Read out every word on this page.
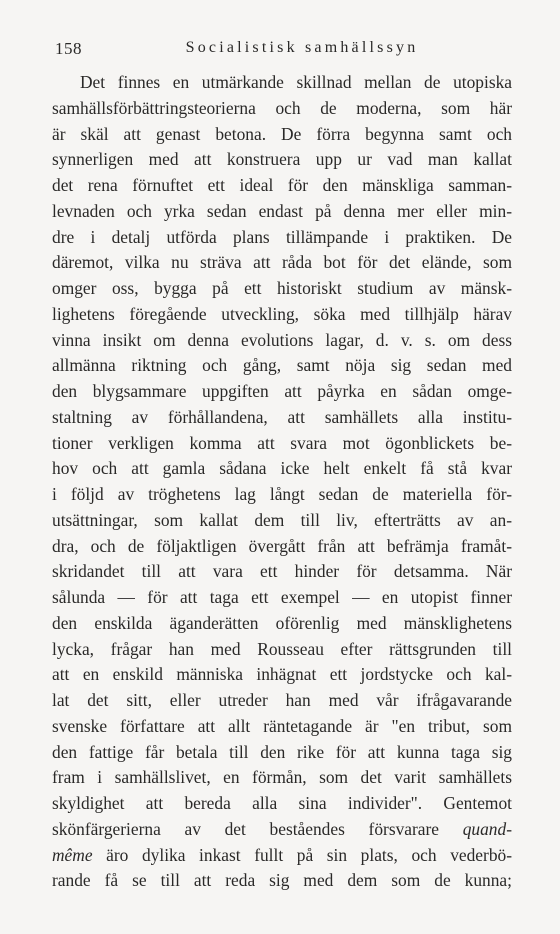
158	Socialistisk samhällssyn
Det finnes en utmärkande skillnad mellan de utopiska
samhällsförbättringsteorierna och de moderna, som här
är skäl att genast betona. De förra begynna samt och
synnerligen med att konstruera upp ur vad man kallat
det rena förnuftet ett ideal för den mänskliga samman-
levnaden och yrka sedan endast på denna mer eller min-
dre i detalj utförda plans tillämpande i praktiken. De
däremot, vilka nu sträva att råda bot för det elände, som
omger oss, bygga på ett historiskt studium av mänsk-
lighetens föregående utveckling, söka med tillhjälp härav
vinna insikt om denna evolutions lagar, d. v. s. om dess
allmänna riktning och gång, samt nöja sig sedan med
den blygsammare uppgiften att påyrka en sådan omge-
staltning av förhållandena, att samhällets alla institu-
tioner verkligen komma att svara mot ögonblickets be-
hov och att gamla sådana icke helt enkelt få stå kvar
i följd av tröghetens lag långt sedan de materiella för-
utsättningar, som kallat dem till liv, efterträtts av an-
dra, och de följaktligen övergått från att befrämja framåt-
skridandet till att vara ett hinder för detsamma. När
sålunda — för att taga ett exempel — en utopist finner
den enskilda äganderätten oförenlig med mänsklighetens
lycka, frågar han med Rousseau efter rättsgrunden till
att en enskild människa inhägnat ett jordstycke och kal-
lat det sitt, eller utreder han med vår ifrågavarande
svenske författare att allt räntetagande är "en tribut, som
den fattige får betala till den rike för att kunna taga sig
fram i samhällslivet, en förmån, som det varit samhällets
skyldighet att bereda alla sina individer". Gentemot
skönfärgerierna av det beståendes försvarare quand-
même äro dylika inkast fullt på sin plats, och vederbö-
rande få se till att reda sig med dem som de kunna;
